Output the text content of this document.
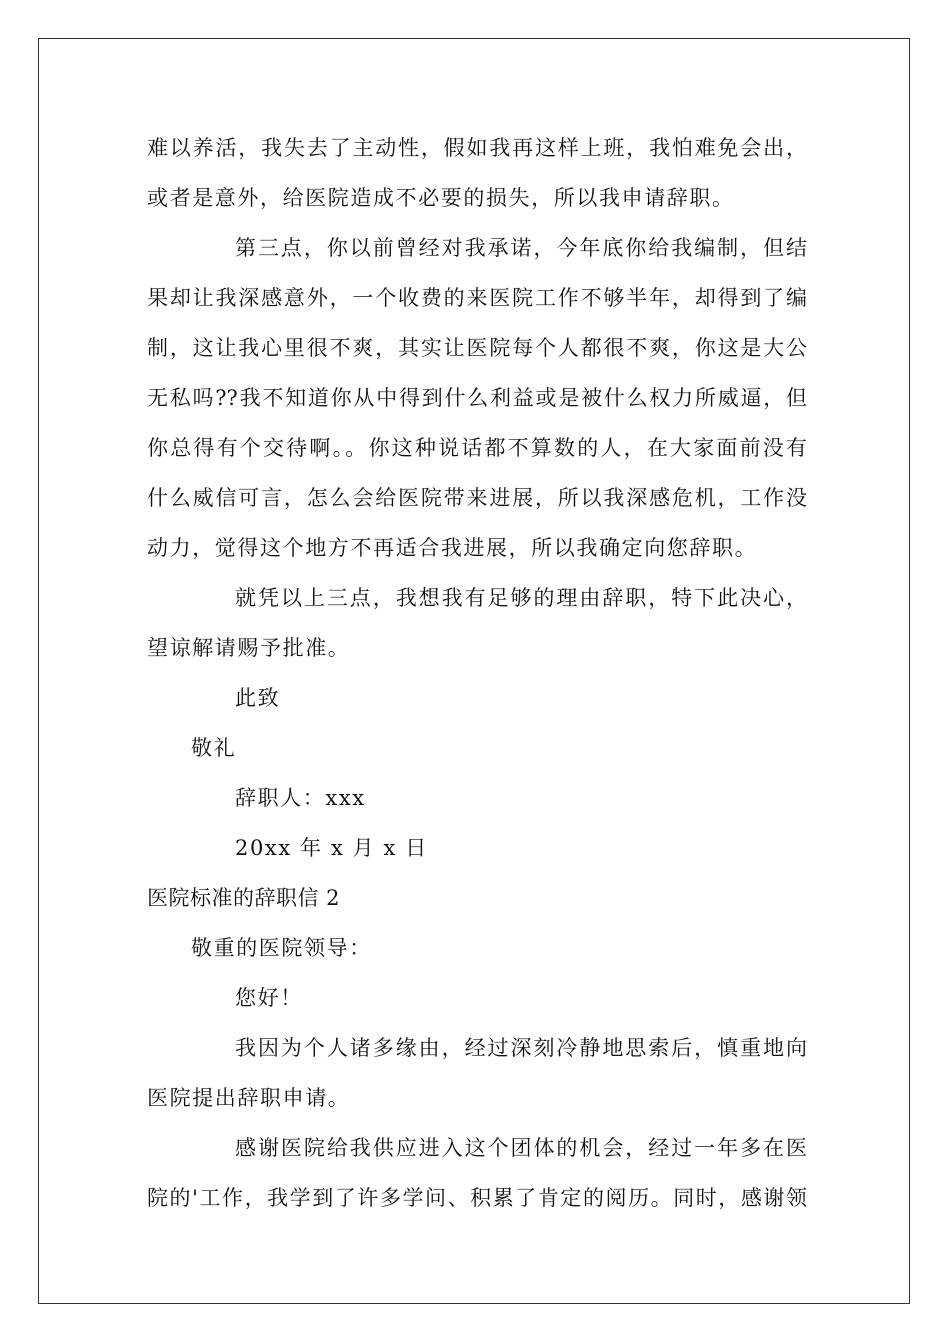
难以养活，我失去了主动性，假如我再这样上班，我怕难免会出，
或者是意外，给医院造成不必要的损失，所以我申请辞职。
第三点，你以前曾经对我承诺，今年底你给我编制，但结
果却让我深感意外，一个收费的来医院工作不够半年，却得到了编
制，这让我心里很不爽，其实让医院每个人都很不爽，你这是大公
无私吗??我不知道你从中得到什么利益或是被什么权力所威逼，但
你总得有个交待啊。。你这种说话都不算数的人，在大家面前没有
什么威信可言，怎么会给医院带来进展，所以我深感危机，工作没
动力，觉得这个地方不再适合我进展，所以我确定向您辞职。
就凭以上三点，我想我有足够的理由辞职，特下此决心，
望谅解请赐予批准。
此致
敬礼
辞职人：xxx
20xx 年 x 月 x 日
医院标准的辞职信 2
敬重的医院领导：
您好！
我因为个人诸多缘由，经过深刻冷静地思索后，慎重地向
医院提出辞职申请。
感谢医院给我供应进入这个团体的机会，经过一年多在医
院的'工作，我学到了许多学问、积累了肯定的阅历。同时，感谢领
